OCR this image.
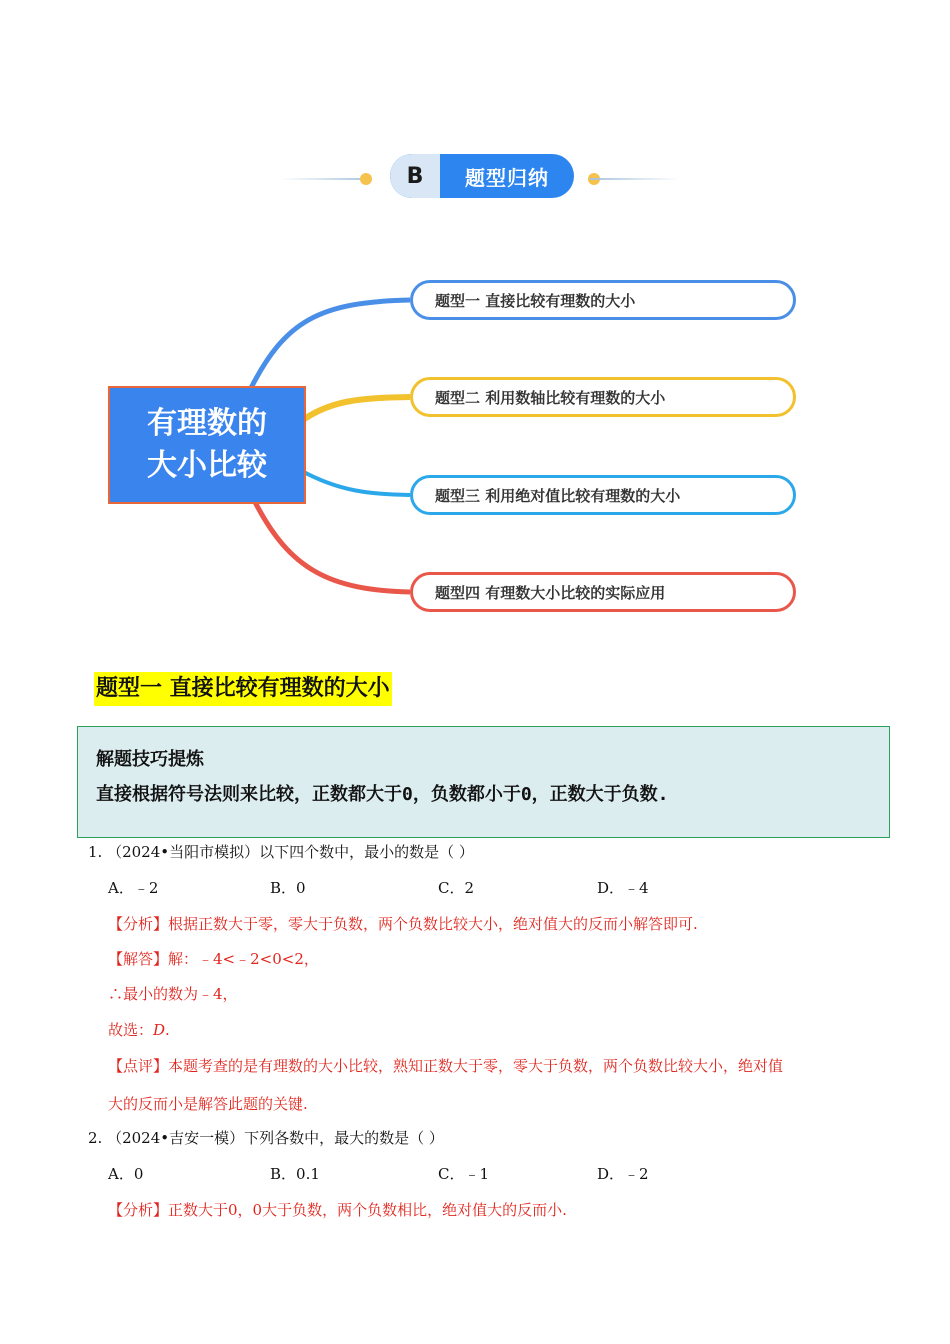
B	题型归纳
有理数的
大小比较
题型一 直接比较有理数的大小
题型二 利用数轴比较有理数的大小
题型三 利用绝对值比较有理数的大小
题型四 有理数大小比较的实际应用
题型一 直接比较有理数的大小
解题技巧提炼
直接根据符号法则来比较，正数都大于0，负数都小于0，正数大于负数.
1. （2024•当阳市模拟）以下四个数中，最小的数是（ ）
A．﹣2	B．0	C．2	D．﹣4
【分析】根据正数大于零，零大于负数，两个负数比较大小，绝对值大的反而小解答即可.
【解答】解：﹣4<﹣2<0<2，
∴最小的数为﹣4，
故选：D.
【点评】本题考查的是有理数的大小比较，熟知正数大于零，零大于负数，两个负数比较大小，绝对值
大的反而小是解答此题的关键.
2. （2024•吉安一模）下列各数中，最大的数是（ ）
A．0	B．0.1	C．﹣1	D．﹣2
【分析】正数大于0，0大于负数，两个负数相比，绝对值大的反而小.
